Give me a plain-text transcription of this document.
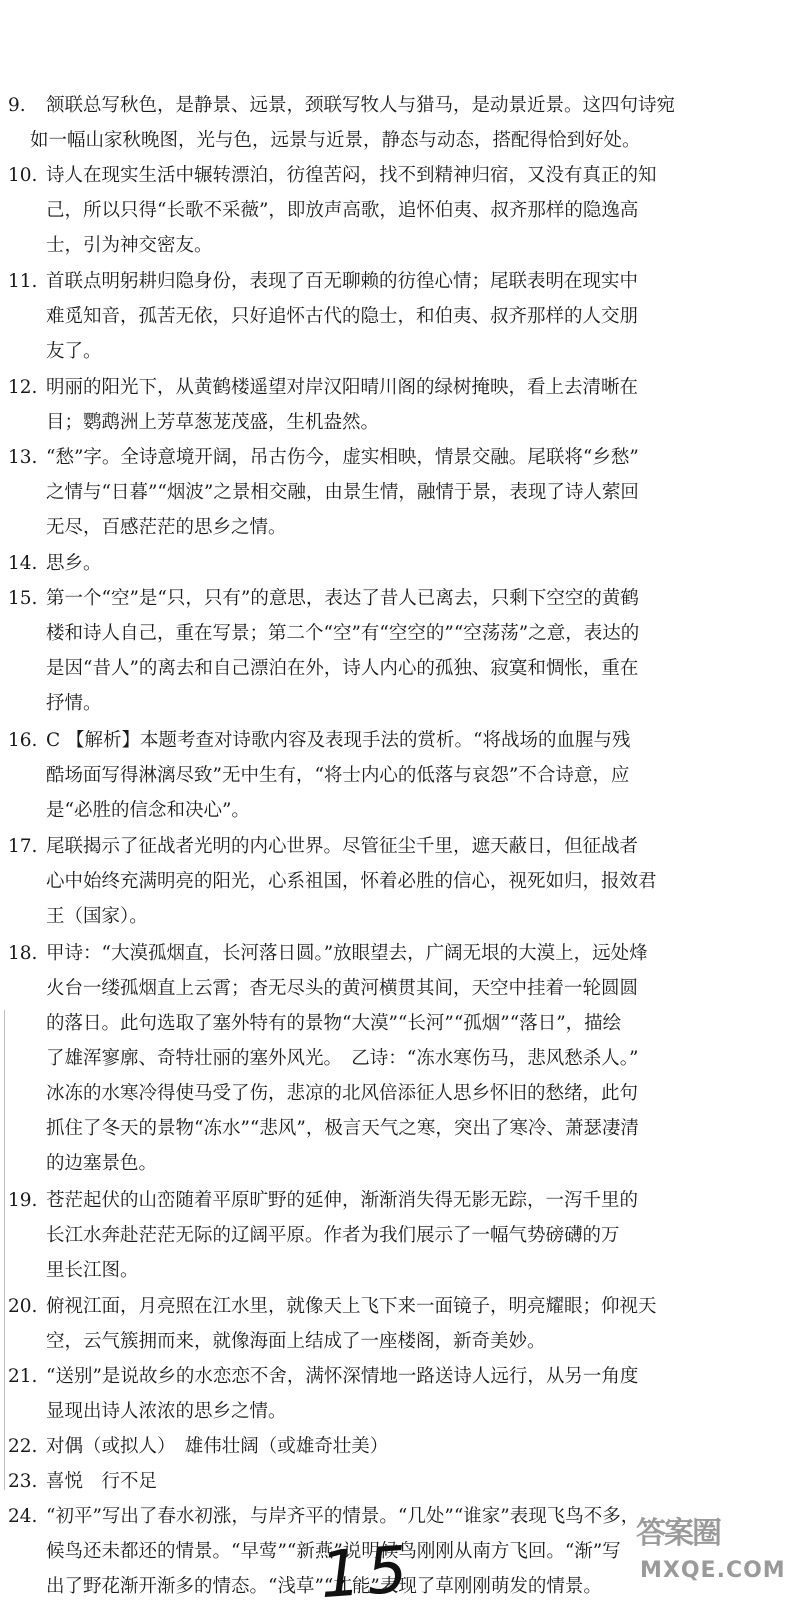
9. 颔联总写秋色，是静景、远景，颈联写牧人与猎马，是动景近景。这四句诗宛
如一幅山家秋晚图，光与色，远景与近景，静态与动态，搭配得恰到好处。
10. 诗人在现实生活中辗转漂泊，彷徨苦闷，找不到精神归宿，又没有真正的知
己，所以只得“长歌不采薇”，即放声高歌，追怀伯夷、叔齐那样的隐逸高
士，引为神交密友。
11. 首联点明躬耕归隐身份，表现了百无聊赖的彷徨心情；尾联表明在现实中
难觅知音，孤苦无依，只好追怀古代的隐士，和伯夷、叔齐那样的人交朋
友了。
12. 明丽的阳光下，从黄鹤楼遥望对岸汉阳晴川阁的绿树掩映，看上去清晰在
目；鹦鹉洲上芳草葱茏茂盛，生机盎然。
13. “愁”字。全诗意境开阔，吊古伤今，虚实相映，情景交融。尾联将“乡愁”
之情与“日暮”“烟波”之景相交融，由景生情，融情于景，表现了诗人萦回
无尽，百感茫茫的思乡之情。
14. 思乡。
15. 第一个“空”是“只，只有”的意思，表达了昔人已离去，只剩下空空的黄鹤
楼和诗人自己，重在写景；第二个“空”有“空空的”“空荡荡”之意，表达的
是因“昔人”的离去和自己漂泊在外，诗人内心的孤独、寂寞和惆怅，重在
抒情。
16. C 【解析】本题考查对诗歌内容及表现手法的赏析。“将战场的血腥与残
酷场面写得淋漓尽致”无中生有，“将士内心的低落与哀怨”不合诗意，应
是“必胜的信念和决心”。
17. 尾联揭示了征战者光明的内心世界。尽管征尘千里，遮天蔽日，但征战者
心中始终充满明亮的阳光，心系祖国，怀着必胜的信心，视死如归，报效君
王（国家）。
18. 甲诗：“大漠孤烟直，长河落日圆。”放眼望去，广阔无垠的大漠上，远处烽
火台一缕孤烟直上云霄；杳无尽头的黄河横贯其间，天空中挂着一轮圆圆
的落日。此句选取了塞外特有的景物“大漠”“长河”“孤烟”“落日”，描绘
了雄浑寥廓、奇特壮丽的塞外风光。　乙诗：“冻水寒伤马，悲风愁杀人。”
冰冻的水寒冷得使马受了伤，悲凉的北风倍添征人思乡怀旧的愁绪，此句
抓住了冬天的景物“冻水”“悲风”，极言天气之寒，突出了寒冷、萧瑟凄清
的边塞景色。
19. 苍茫起伏的山峦随着平原旷野的延伸，渐渐消失得无影无踪，一泻千里的
长江水奔赴茫茫无际的辽阔平原。作者为我们展示了一幅气势磅礴的万
里长江图。
20. 俯视江面，月亮照在江水里，就像天上飞下来一面镜子，明亮耀眼；仰视天
空，云气簇拥而来，就像海面上结成了一座楼阁，新奇美妙。
21. “送别”是说故乡的水恋恋不舍，满怀深情地一路送诗人远行，从另一角度
显现出诗人浓浓的思乡之情。
22. 对偶（或拟人）　雄伟壮阔（或雄奇壮美）
23. 喜悦　行不足
24. “初平”写出了春水初涨，与岸齐平的情景。“几处”“谁家”表现飞鸟不多，
候鸟还未都还的情景。“早莺”“新燕”说明候鸟刚刚从南方飞回。“渐”写
出了野花渐开渐多的情态。“浅草”“才能”表现了草刚刚萌发的情景。
15	答案圈
MXQE.COM
